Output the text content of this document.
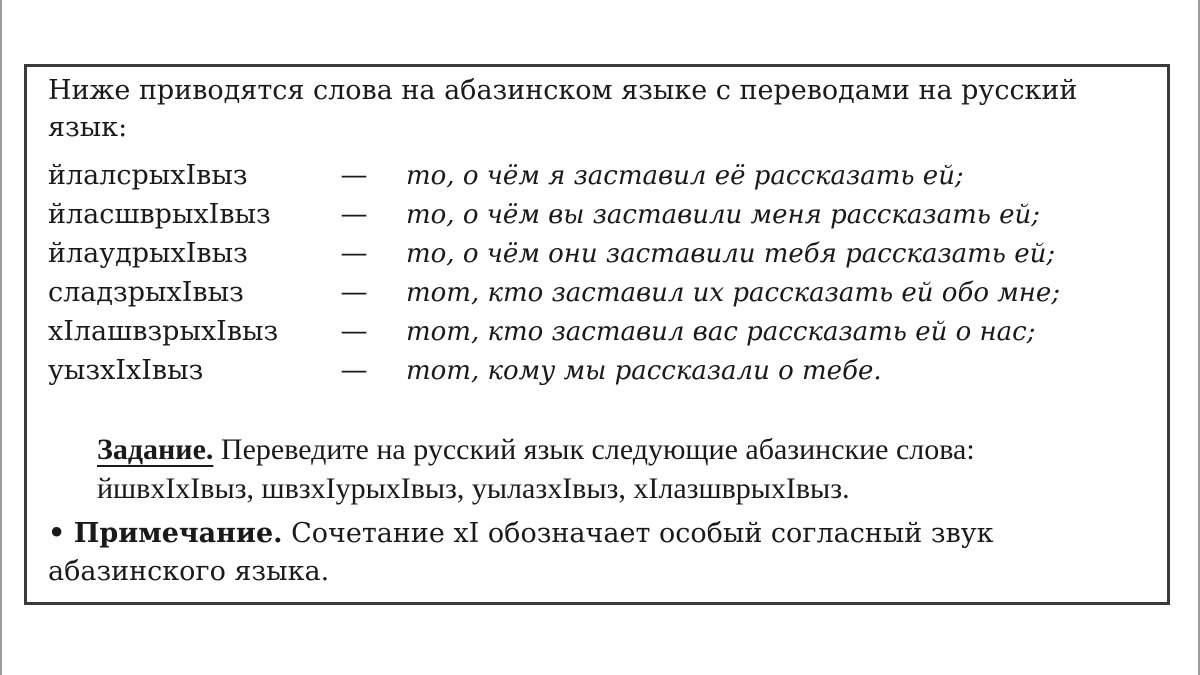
Ниже приводятся слова на абазинском языке с переводами на русский язык:

йлалсрыхIвыз	—	то, о чём я заставил её рассказать ей;
йласшврыхIвыз	—	то, о чём вы заставили меня рассказать ей;
йлаудрыхIвыз	—	то, о чём они заставили тебя рассказать ей;
сладзрыхIвыз	—	тот, кто заставил их рассказать ей обо мне;
хIлашвзрыхIвыз	—	тот, кто заставил вас рассказать ей о нас;
уызхIхIвыз	—	тот, кому мы рассказали о тебе.
Задание. Переведите на русский язык следующие абазинские слова:
йшвхIхIвыз, швзхIурыхIвыз, уылазхIвыз, хIлазшврыхIвыз.
• Примечание. Сочетание хI обозначает особый согласный звук абазинского языка.
